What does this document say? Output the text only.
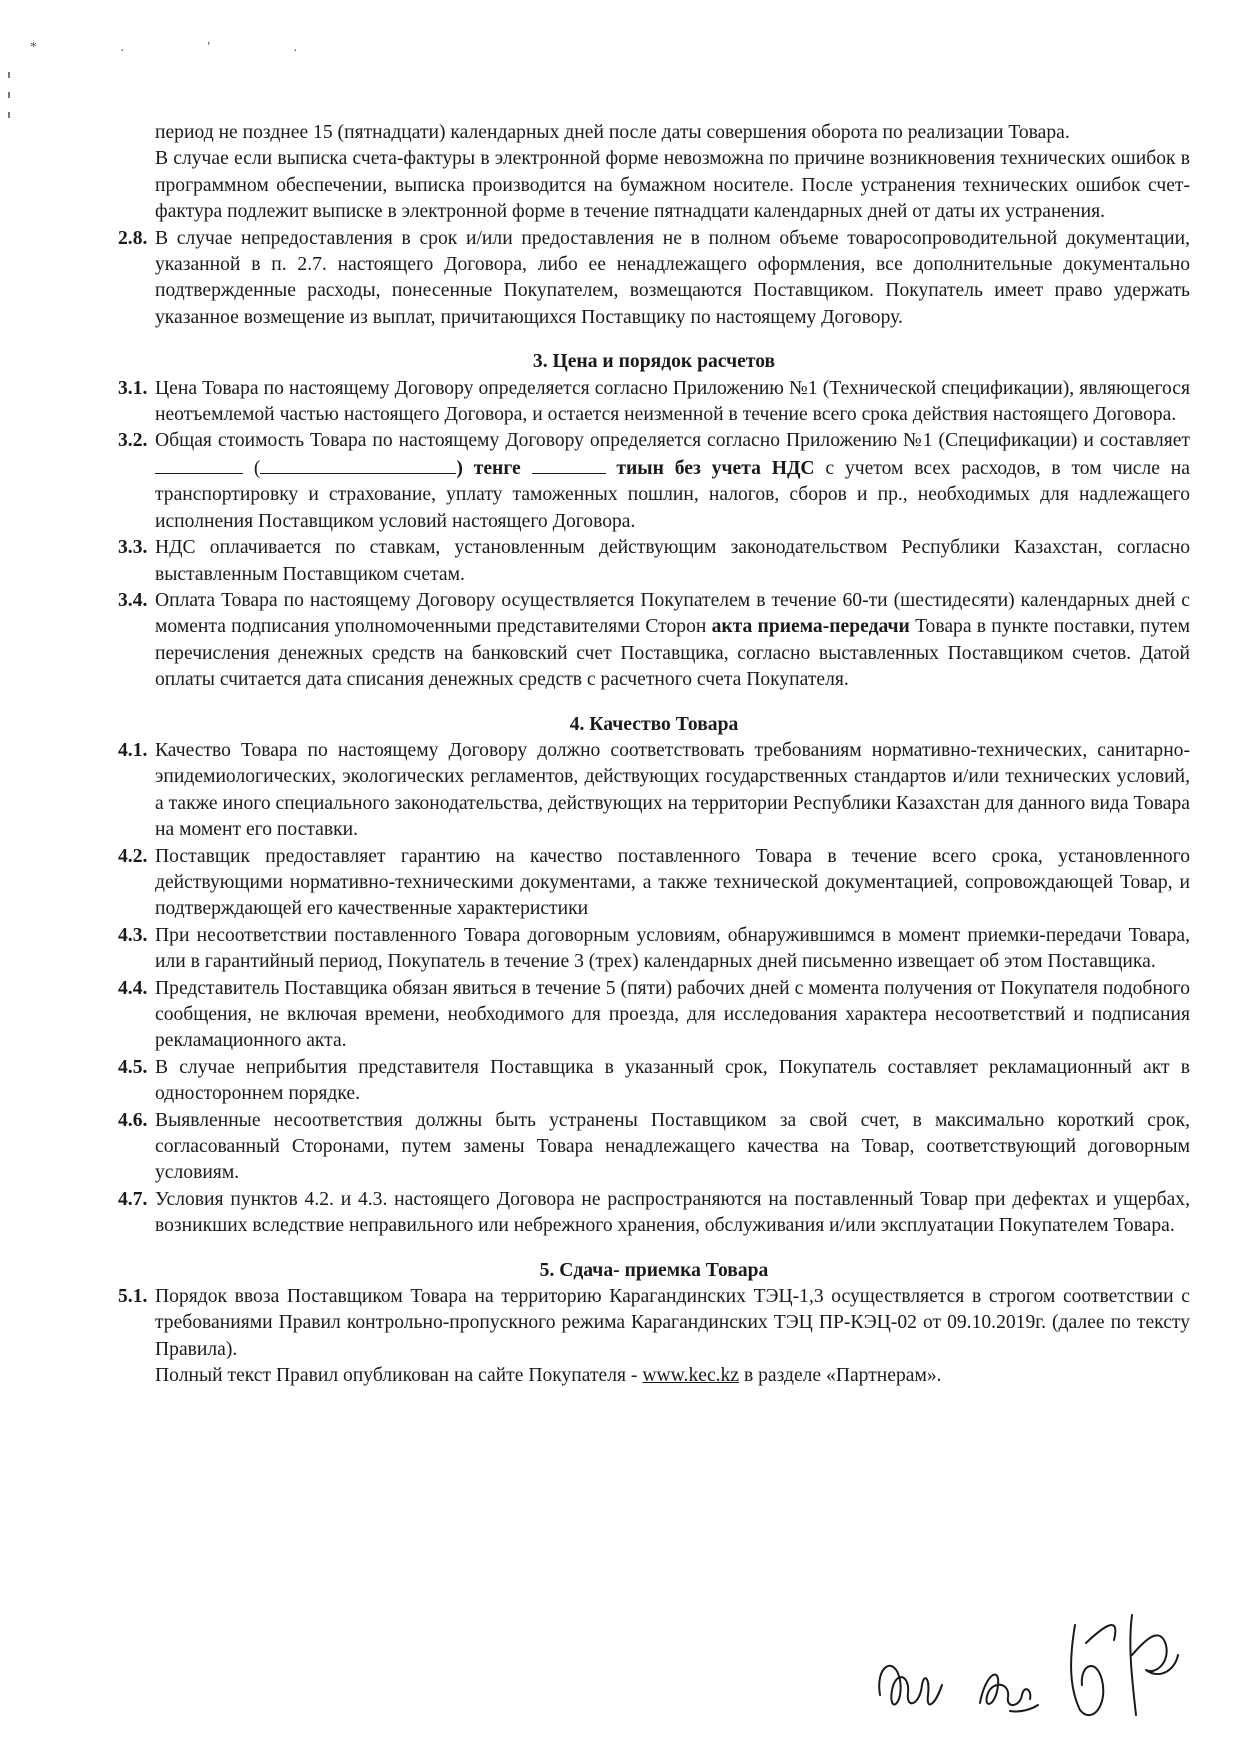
* . ' .
период не позднее 15 (пятнадцати) календарных дней после даты совершения оборота по реализации Товара.
В случае если выписка счета-фактуры в электронной форме невозможна по причине возникновения технических ошибок в программном обеспечении, выписка производится на бумажном носителе. После устранения технических ошибок счет-фактура подлежит выписке в электронной форме в течение пятнадцати календарных дней от даты их устранения.
2.8. В случае непредоставления в срок и/или предоставления не в полном объеме товаросопроводительной документации, указанной в п. 2.7. настоящего Договора, либо ее ненадлежащего оформления, все дополнительные документально подтвержденные расходы, понесенные Покупателем, возмещаются Поставщиком. Покупатель имеет право удержать указанное возмещение из выплат, причитающихся Поставщику по настоящему Договору.
3. Цена и порядок расчетов
3.1. Цена Товара по настоящему Договору определяется согласно Приложению №1 (Технической спецификации), являющегося неотъемлемой частью настоящего Договора, и остается неизменной в течение всего срока действия настоящего Договора.
3.2. Общая стоимость Товара по настоящему Договору определяется согласно Приложению №1 (Спецификации) и составляет  (	) тенге	тиын без учета НДС с учетом всех расходов, в том числе на транспортировку и страхование, уплату таможенных пошлин, налогов, сборов и пр., необходимых для надлежащего исполнения Поставщиком условий настоящего Договора.
3.3. НДС оплачивается по ставкам, установленным действующим законодательством Республики Казахстан, согласно выставленным Поставщиком счетам.
3.4. Оплата Товара по настоящему Договору осуществляется Покупателем в течение 60-ти (шестидесяти) календарных дней с момента подписания уполномоченными представителями Сторон акта приема-передачи Товара в пункте поставки, путем перечисления денежных средств на банковский счет Поставщика, согласно выставленных Поставщиком счетов. Датой оплаты считается дата списания денежных средств с расчетного счета Покупателя.
4. Качество Товара
4.1. Качество Товара по настоящему Договору должно соответствовать требованиям нормативно-технических, санитарно-эпидемиологических, экологических регламентов, действующих государственных стандартов и/или технических условий, а также иного специального законодательства, действующих на территории Республики Казахстан для данного вида Товара на момент его поставки.
4.2. Поставщик предоставляет гарантию на качество поставленного Товара в течение всего срока, установленного действующими нормативно-техническими документами, а также технической документацией, сопровождающей Товар, и подтверждающей его качественные характеристики
4.3. При несоответствии поставленного Товара договорным условиям, обнаружившимся в момент приемки-передачи Товара, или в гарантийный период, Покупатель в течение 3 (трех) календарных дней письменно извещает об этом Поставщика.
4.4. Представитель Поставщика обязан явиться в течение 5 (пяти) рабочих дней с момента получения от Покупателя подобного сообщения, не включая времени, необходимого для проезда, для исследования характера несоответствий и подписания рекламационного акта.
4.5. В случае неприбытия представителя Поставщика в указанный срок, Покупатель составляет рекламационный акт в одностороннем порядке.
4.6. Выявленные несоответствия должны быть устранены Поставщиком за свой счет, в максимально короткий срок, согласованный Сторонами, путем замены Товара ненадлежащего качества на Товар, соответствующий договорным условиям.
4.7. Условия пунктов 4.2. и 4.3. настоящего Договора не распространяются на поставленный Товар при дефектах и ущербах, возникших вследствие неправильного или небрежного хранения, обслуживания и/или эксплуатации Покупателем Товара.
5. Сдача- приемка Товара
5.1. Порядок ввоза Поставщиком Товара на территорию Карагандинских ТЭЦ-1,3 осуществляется в строгом соответствии с требованиями Правил контрольно-пропускного режима Карагандинских ТЭЦ ПР-КЭЦ-02 от 09.10.2019г. (далее по тексту Правила).
Полный текст Правил опубликован на сайте Покупателя - www.kec.kz в разделе «Партнерам».
